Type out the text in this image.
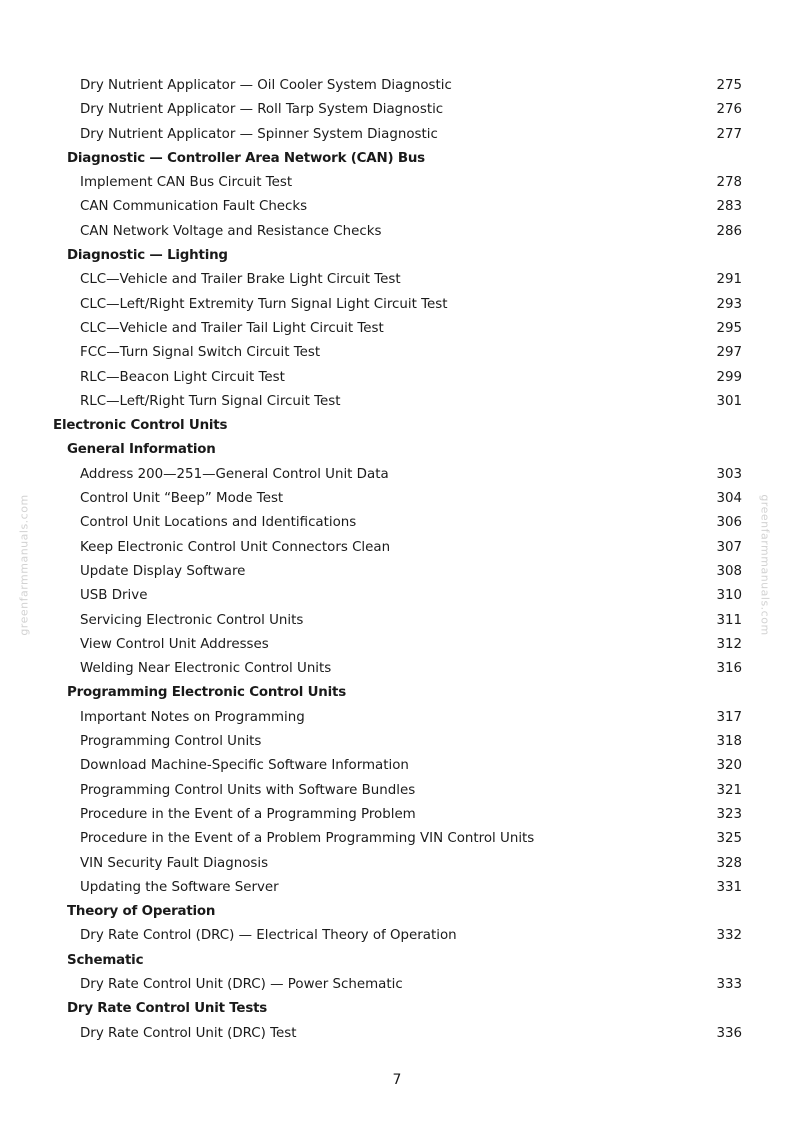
greenfarmmanuals.com	greenfarmmanuals.com
Dry Nutrient Applicator — Oil Cooler System Diagnostic	275
Dry Nutrient Applicator — Roll Tarp System Diagnostic	276
Dry Nutrient Applicator — Spinner System Diagnostic	277
Diagnostic — Controller Area Network (CAN) Bus
Implement CAN Bus Circuit Test	278
CAN Communication Fault Checks	283
CAN Network Voltage and Resistance Checks	286
Diagnostic — Lighting
CLC—Vehicle and Trailer Brake Light Circuit Test	291
CLC—Left/Right Extremity Turn Signal Light Circuit Test	293
CLC—Vehicle and Trailer Tail Light Circuit Test	295
FCC—Turn Signal Switch Circuit Test	297
RLC—Beacon Light Circuit Test	299
RLC—Left/Right Turn Signal Circuit Test	301
Electronic Control Units
General Information
Address 200—251—General Control Unit Data	303
Control Unit “Beep” Mode Test	304
Control Unit Locations and Identifications	306
Keep Electronic Control Unit Connectors Clean	307
Update Display Software	308
USB Drive	310
Servicing Electronic Control Units	311
View Control Unit Addresses	312
Welding Near Electronic Control Units	316
Programming Electronic Control Units
Important Notes on Programming	317
Programming Control Units	318
Download Machine-Specific Software Information	320
Programming Control Units with Software Bundles	321
Procedure in the Event of a Programming Problem	323
Procedure in the Event of a Problem Programming VIN Control Units	325
VIN Security Fault Diagnosis	328
Updating the Software Server	331
Theory of Operation
Dry Rate Control (DRC) — Electrical Theory of Operation	332
Schematic
Dry Rate Control Unit (DRC) — Power Schematic	333
Dry Rate Control Unit Tests
Dry Rate Control Unit (DRC) Test	336
7
